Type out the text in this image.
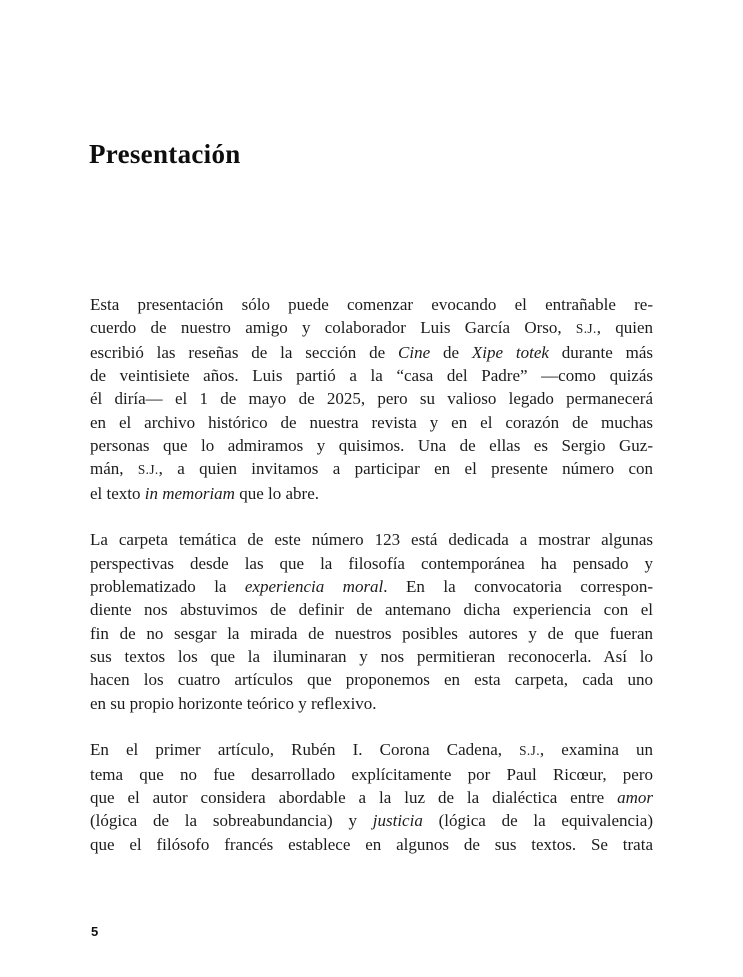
Presentación
Esta presentación sólo puede comenzar evocando el entrañable re-
cuerdo de nuestro amigo y colaborador Luis García Orso, S.J., quien
escribió las reseñas de la sección de Cine de Xipe totek durante más
de veintisiete años. Luis partió a la “casa del Padre” —como quizás
él diría— el 1 de mayo de 2025, pero su valioso legado permanecerá
en el archivo histórico de nuestra revista y en el corazón de muchas
personas que lo admiramos y quisimos. Una de ellas es Sergio Guz-
mán, S.J., a quien invitamos a participar en el presente número con
el texto in memoriam que lo abre.
La carpeta temática de este número 123 está dedicada a mostrar algunas
perspectivas desde las que la filosofía contemporánea ha pensado y
problematizado la experiencia moral. En la convocatoria correspon-
diente nos abstuvimos de definir de antemano dicha experiencia con el
fin de no sesgar la mirada de nuestros posibles autores y de que fueran
sus textos los que la iluminaran y nos permitieran reconocerla. Así lo
hacen los cuatro artículos que proponemos en esta carpeta, cada uno
en su propio horizonte teórico y reflexivo.
En el primer artículo, Rubén I. Corona Cadena, S.J., examina un
tema que no fue desarrollado explícitamente por Paul Ricœur, pero
que el autor considera abordable a la luz de la dialéctica entre amor
(lógica de la sobreabundancia) y justicia (lógica de la equivalencia)
que el filósofo francés establece en algunos de sus textos. Se trata
5
